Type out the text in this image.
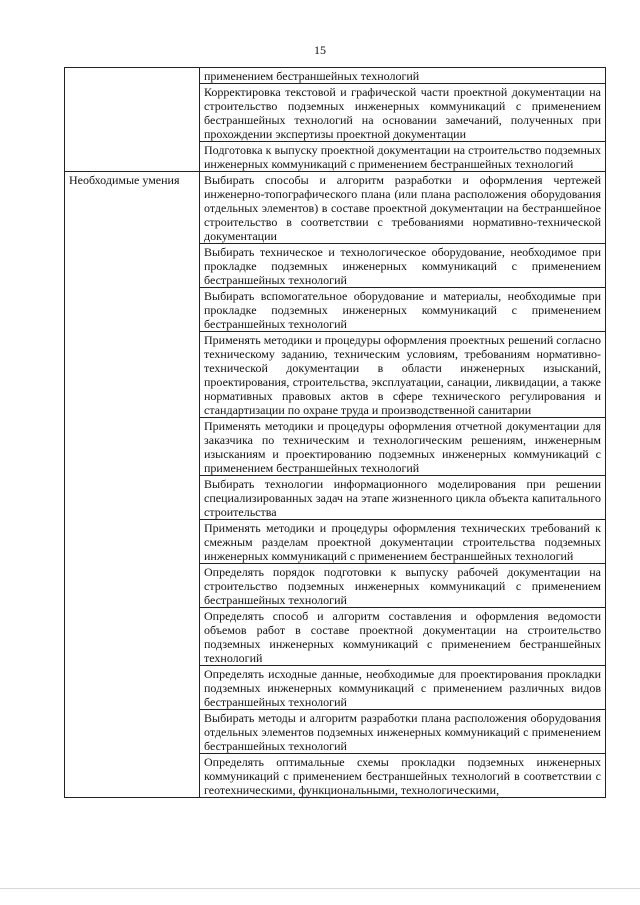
15
	применением бестраншейных технологий
	Корректировка текстовой и графической части проектной документации на строительство подземных инженерных коммуникаций с применением бестраншейных технологий на основании замечаний, полученных при прохождении экспертизы проектной документации
	Подготовка к выпуску проектной документации на строительство подземных инженерных коммуникаций с применением бестраншейных технологий
Необходимые умения	Выбирать способы и алгоритм разработки и оформления чертежей инженерно-топографического плана (или плана расположения оборудования отдельных элементов) в составе проектной документации на бестраншейное строительство в соответствии с требованиями нормативно-технической документации
	Выбирать техническое и технологическое оборудование, необходимое при прокладке подземных инженерных коммуникаций с применением бестраншейных технологий
	Выбирать вспомогательное оборудование и материалы, необходимые при прокладке подземных инженерных коммуникаций с применением бестраншейных технологий
	Применять методики и процедуры оформления проектных решений согласно техническому заданию, техническим условиям, требованиям нормативно-технической документации в области инженерных изысканий, проектирования, строительства, эксплуатации, санации, ликвидации, а также нормативных правовых актов в сфере технического регулирования и стандартизации по охране труда и производственной санитарии
	Применять методики и процедуры оформления отчетной документации для заказчика по техническим и технологическим решениям, инженерным изысканиям и проектированию подземных инженерных коммуникаций с применением бестраншейных технологий
	Выбирать технологии информационного моделирования при решении специализированных задач на этапе жизненного цикла объекта капитального строительства
	Применять методики и процедуры оформления технических требований к смежным разделам проектной документации строительства подземных инженерных коммуникаций с применением бестраншейных технологий
	Определять порядок подготовки к выпуску рабочей документации на строительство подземных инженерных коммуникаций с применением бестраншейных технологий
	Определять способ и алгоритм составления и оформления ведомости объемов работ в составе проектной документации на строительство подземных инженерных коммуникаций с применением бестраншейных технологий
	Определять исходные данные, необходимые для проектирования прокладки подземных инженерных коммуникаций с применением различных видов бестраншейных технологий
	Выбирать методы и алгоритм разработки плана расположения оборудования отдельных элементов подземных инженерных коммуникаций с применением бестраншейных технологий
	Определять оптимальные схемы прокладки подземных инженерных коммуникаций с применением бестраншейных технологий в соответствии с геотехническими, функциональными, технологическими,
